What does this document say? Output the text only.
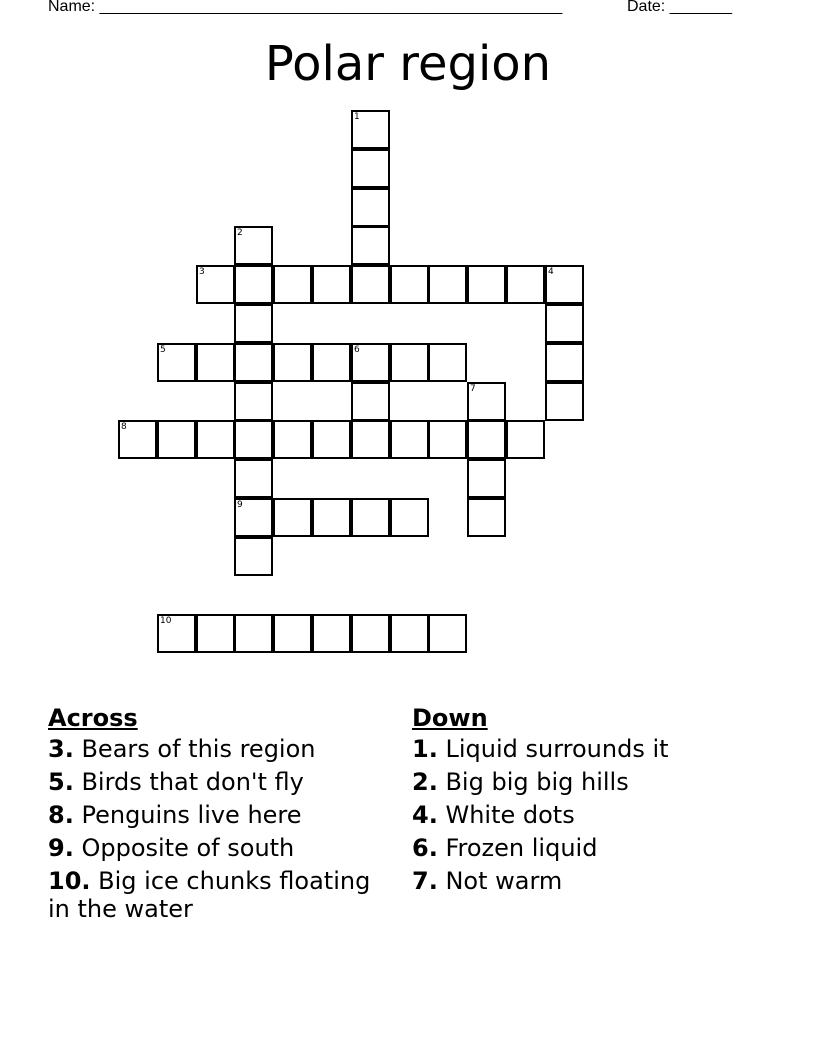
Name: ____________________________________________________	Date: _______
Polar region
1
2
3	4
5	6
7
8
9
10
Across
3. Bears of this region
5. Birds that don't fly
8. Penguins live here
9. Opposite of south
10. Big ice chunks floating in the water
Down
1. Liquid surrounds it
2. Big big big hills
4. White dots
6. Frozen liquid
7. Not warm
